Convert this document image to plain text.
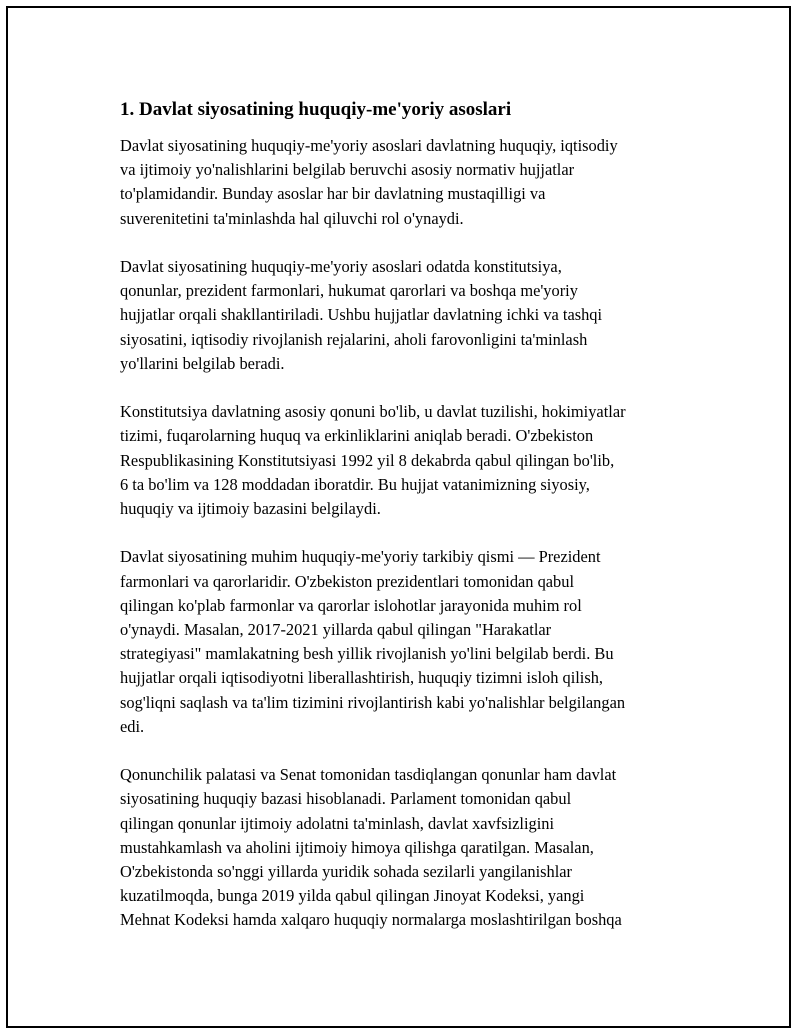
1. Davlat siyosatining huquqiy-me'yoriy asoslari

Davlat siyosatining huquqiy-me'yoriy asoslari davlatning huquqiy, iqtisodiy
va ijtimoiy yo'nalishlarini belgilab beruvchi asosiy normativ hujjatlar
to'plamidandir. Bunday asoslar har bir davlatning mustaqilligi va
suverenitetini ta'minlashda hal qiluvchi rol o'ynaydi.

Davlat siyosatining huquqiy-me'yoriy asoslari odatda konstitutsiya,
qonunlar, prezident farmonlari, hukumat qarorlari va boshqa me'yoriy
hujjatlar orqali shakllantiriladi. Ushbu hujjatlar davlatning ichki va tashqi
siyosatini, iqtisodiy rivojlanish rejalarini, aholi farovonligini ta'minlash
yo'llarini belgilab beradi.

Konstitutsiya davlatning asosiy qonuni bo'lib, u davlat tuzilishi, hokimiyatlar
tizimi, fuqarolarning huquq va erkinliklarini aniqlab beradi. O'zbekiston
Respublikasining Konstitutsiyasi 1992 yil 8 dekabrda qabul qilingan bo'lib,
6 ta bo'lim va 128 moddadan iboratdir. Bu hujjat vatanimizning siyosiy,
huquqiy va ijtimoiy bazasini belgilaydi.

Davlat siyosatining muhim huquqiy-me'yoriy tarkibiy qismi — Prezident
farmonlari va qarorlaridir. O'zbekiston prezidentlari tomonidan qabul
qilingan ko'plab farmonlar va qarorlar islohotlar jarayonida muhim rol
o'ynaydi. Masalan, 2017-2021 yillarda qabul qilingan "Harakatlar
strategiyasi" mamlakatning besh yillik rivojlanish yo'lini belgilab berdi. Bu
hujjatlar orqali iqtisodiyotni liberallashtirish, huquqiy tizimni isloh qilish,
sog'liqni saqlash va ta'lim tizimini rivojlantirish kabi yo'nalishlar belgilangan
edi.

Qonunchilik palatasi va Senat tomonidan tasdiqlangan qonunlar ham davlat
siyosatining huquqiy bazasi hisoblanadi. Parlament tomonidan qabul
qilingan qonunlar ijtimoiy adolatni ta'minlash, davlat xavfsizligini
mustahkamlash va aholini ijtimoiy himoya qilishga qaratilgan. Masalan,
O'zbekistonda so'nggi yillarda yuridik sohada sezilarli yangilanishlar
kuzatilmoqda, bunga 2019 yilda qabul qilingan Jinoyat Kodeksi, yangi
Mehnat Kodeksi hamda xalqaro huquqiy normalarga moslashtirilgan boshqa
